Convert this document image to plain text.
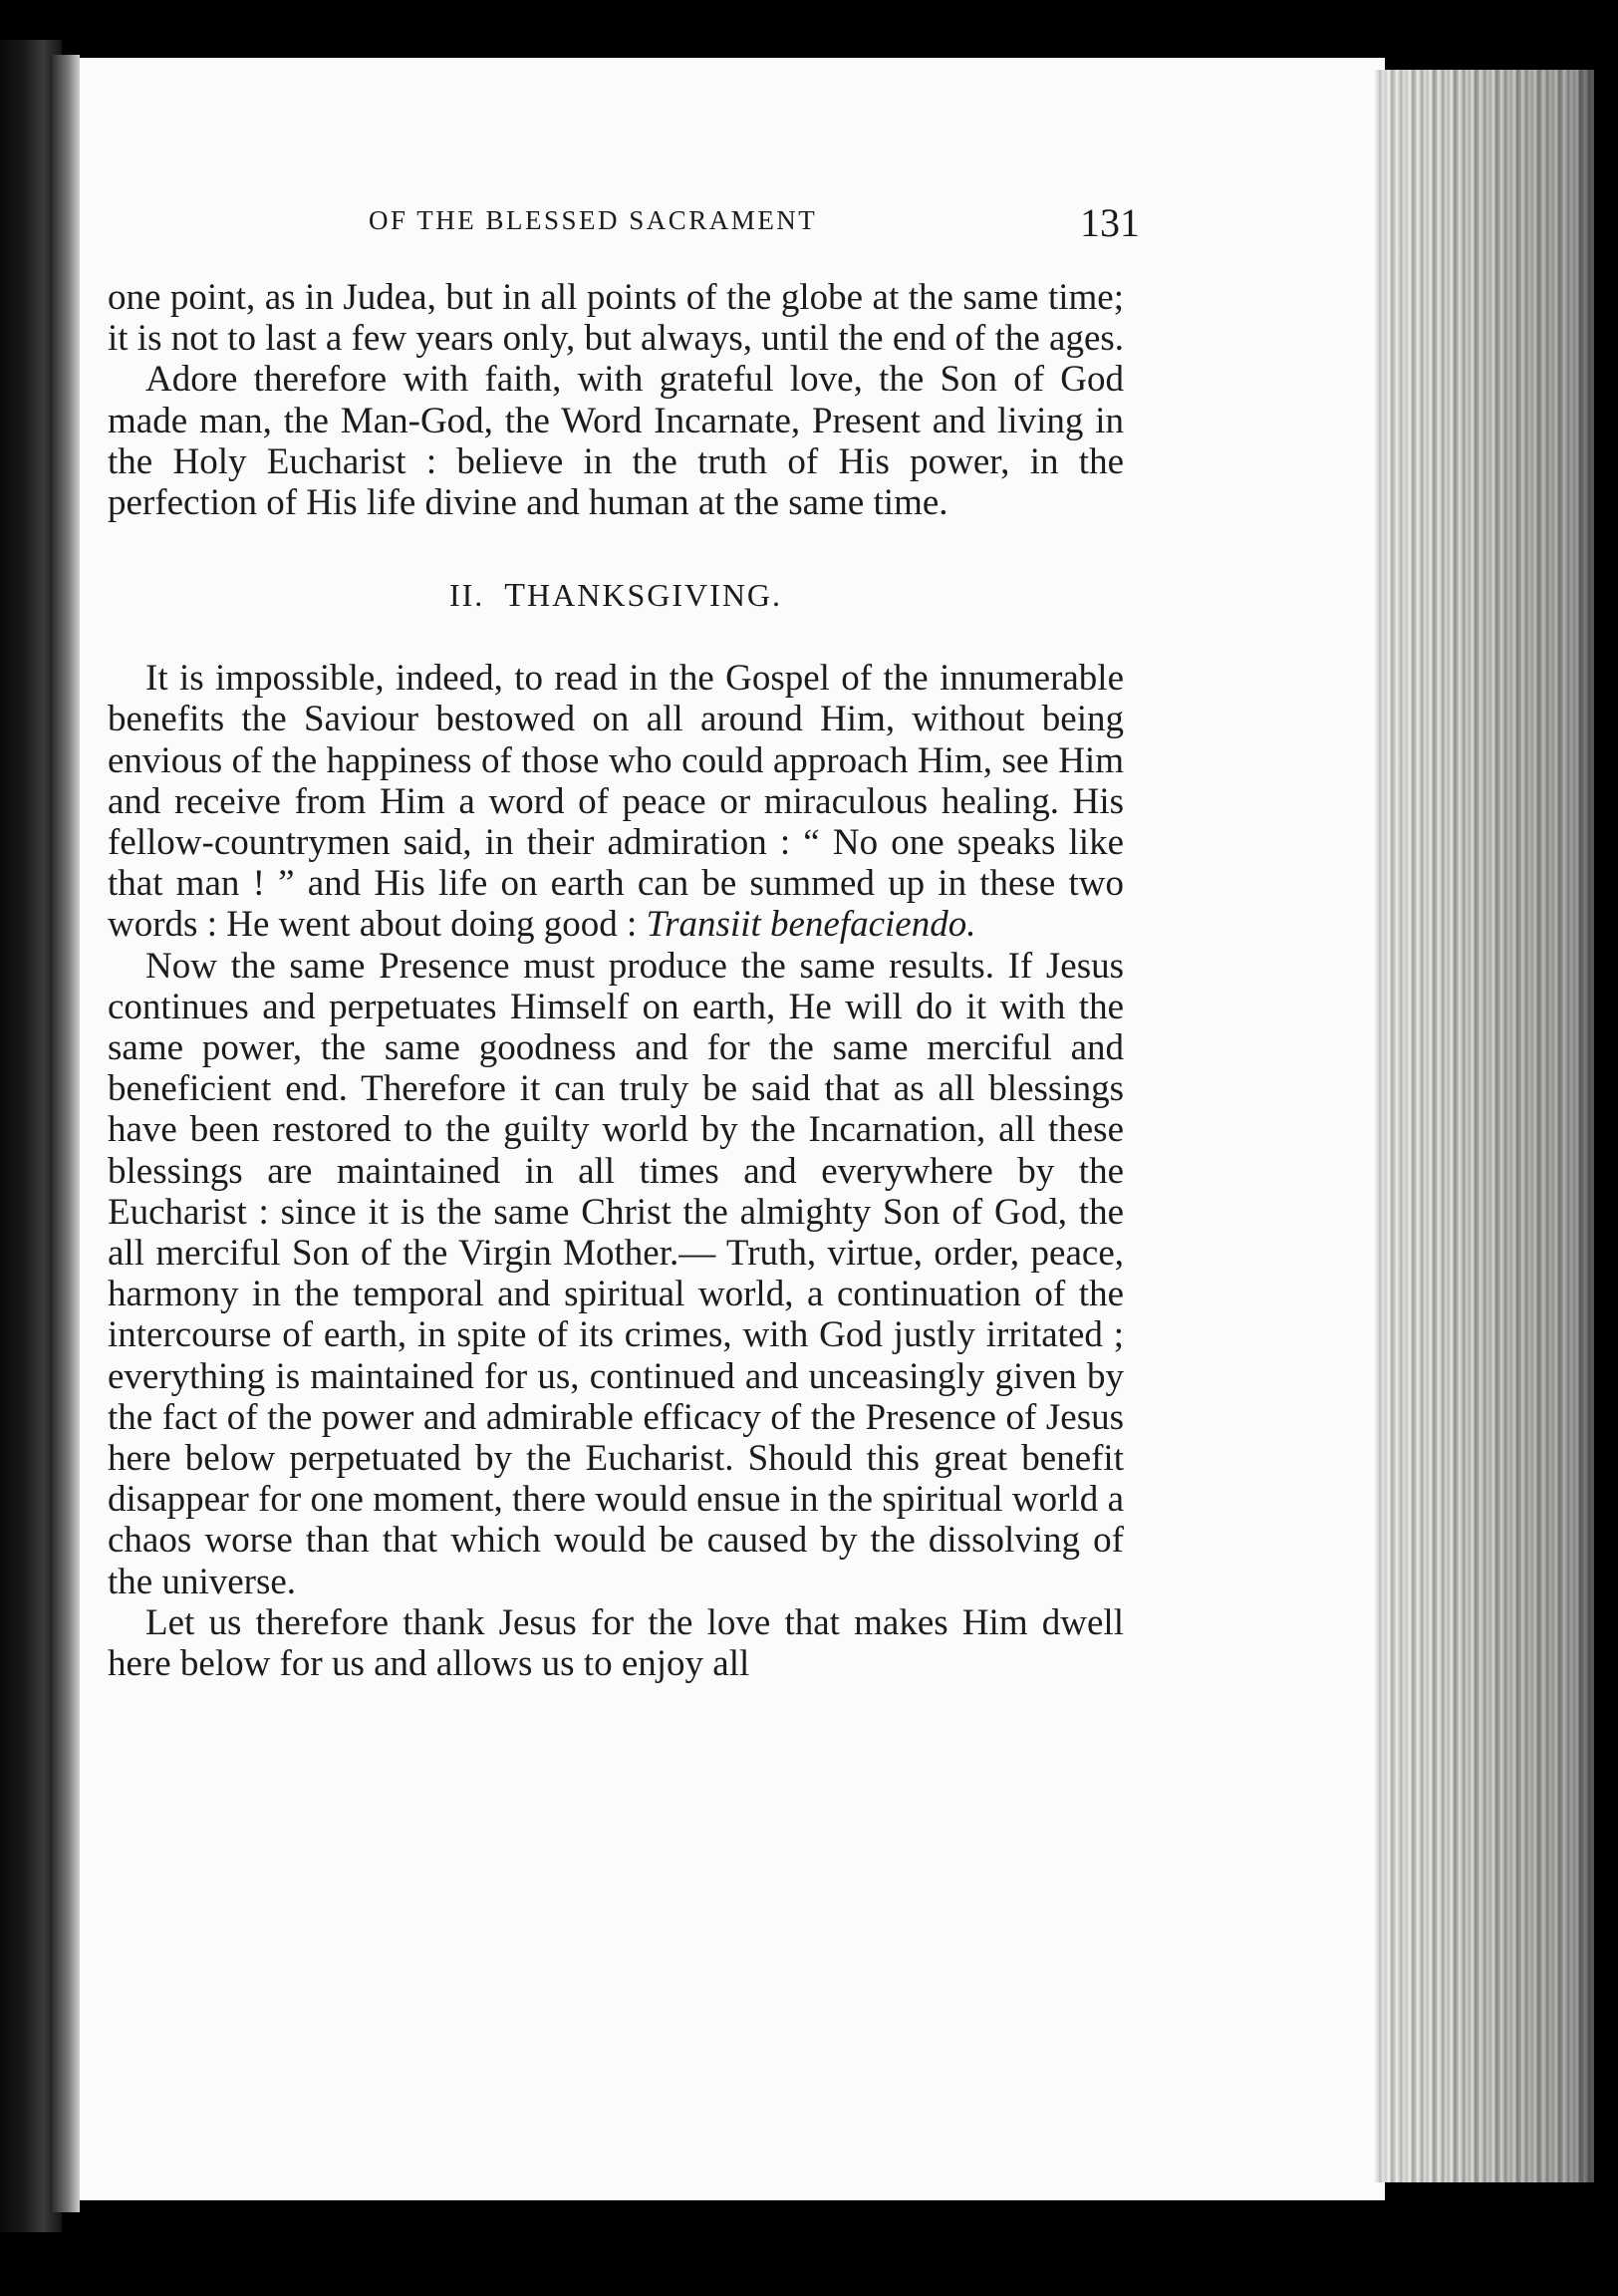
OF THE BLESSED SACRAMENT	131

one point, as in Judea, but in all points of the globe at the same time; it is not to last a few years only, but always, until the end of the ages.

Adore therefore with faith, with grateful love, the Son of God made man, the Man-God, the Word Incarnate, Present and living in the Holy Eucharist : believe in the truth of His power, in the perfection of His life divine and human at the same time.

II. THANKSGIVING.

It is impossible, indeed, to read in the Gospel of the innumerable benefits the Saviour bestowed on all around Him, without being envious of the happiness of those who could approach Him, see Him and receive from Him a word of peace or miraculous healing. His fellow-countrymen said, in their admiration : “ No one speaks like that man ! ” and His life on earth can be summed up in these two words : He went about doing good : Transiit benefaciendo.

Now the same Presence must produce the same results. If Jesus continues and perpetuates Himself on earth, He will do it with the same power, the same goodness and for the same merciful and beneficient end. Therefore it can truly be said that as all blessings have been restored to the guilty world by the Incarnation, all these blessings are maintained in all times and everywhere by the Eucharist : since it is the same Christ the almighty Son of God, the all merciful Son of the Virgin Mother.— Truth, virtue, order, peace, harmony in the temporal and spiritual world, a continuation of the intercourse of earth, in spite of its crimes, with God justly irritated ; everything is maintained for us, continued and unceasingly given by the fact of the power and admirable efficacy of the Presence of Jesus here below perpetuated by the Eucharist. Should this great benefit disappear for one moment, there would ensue in the spiritual world a chaos worse than that which would be caused by the dissolving of the universe.

Let us therefore thank Jesus for the love that makes Him dwell here below for us and allows us to enjoy all
